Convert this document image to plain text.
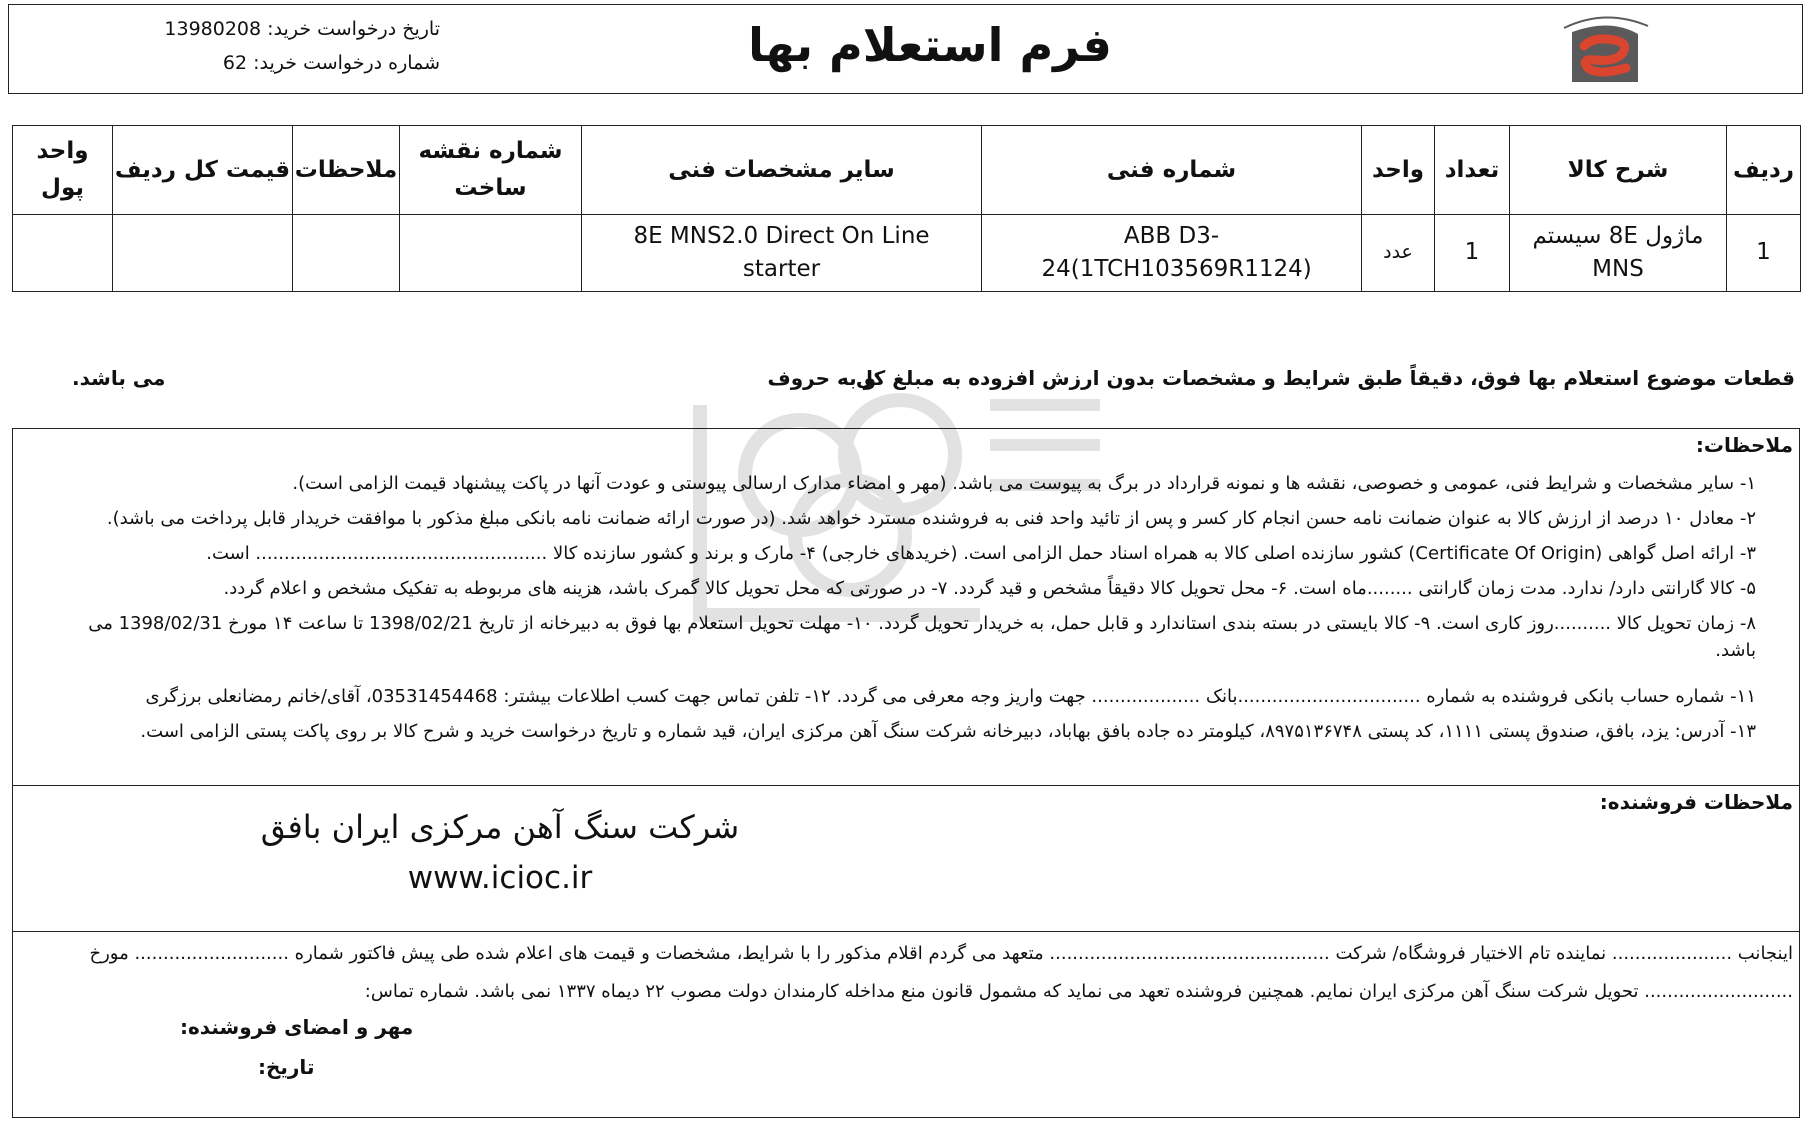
فرم استعلام بها
تاریخ درخواست خرید: 13980208
شماره درخواست خرید: 62
ردیف	شرح کالا	تعداد	واحد	شماره فنی	سایر مشخصات فنی	شماره نقشه ساخت	ملاحظات	قیمت کل ردیف	واحد پول
1	ماژول 8E سیستم MNS	1	عدد	ABB D3-24(1TCH103569R1124)	8E MNS2.0 Direct On Line starter				
قطعات موضوع استعلام بها فوق، دقیقاً طبق شرایط و مشخصات بدون ارزش افزوده به مبلغ کل
و به حروف
می باشد.
ملاحظات:
۱- سایر مشخصات و شرایط فنی، عمومی و خصوصی، نقشه ها و نمونه قرارداد در برگ به پیوست می باشد. (مهر و امضاء مدارک ارسالی پیوستی و عودت آنها در پاکت پیشنهاد قیمت الزامی است).
۲- معادل ۱۰ درصد از ارزش کالا به عنوان ضمانت نامه حسن انجام کار کسر و پس از تائید واحد فنی به فروشنده مسترد خواهد شد. (در صورت ارائه ضمانت نامه بانکی مبلغ مذکور با موافقت خریدار قابل پرداخت می باشد).
۳- ارائه اصل گواهی (Certificate Of Origin) کشور سازنده اصلی کالا به همراه اسناد حمل الزامی است. (خریدهای خارجی) ۴- مارک و برند و کشور سازنده کالا ................................................... است.
۵- کالا گارانتی دارد/ ندارد. مدت زمان گارانتی ........ماه است. ۶- محل تحویل کالا دقیقاً مشخص و قید گردد. ۷- در صورتی که محل تحویل کالا گمرک باشد، هزینه های مربوطه به تفکیک مشخص و اعلام گردد.
۸- زمان تحویل کالا ..........روز کاری است. ۹- کالا بایستی در بسته بندی استاندارد و قابل حمل، به خریدار تحویل گردد. ۱۰- مهلت تحویل استعلام بها فوق به دبیرخانه از تاریخ 1398/02/21 تا ساعت ۱۴ مورخ 1398/02/31 می باشد.
۱۱- شماره حساب بانکی فروشنده به شماره ................................بانک ................... جهت واریز وجه معرفی می گردد. ۱۲- تلفن تماس جهت کسب اطلاعات بیشتر: 03531454468، آقای/خانم رمضانعلی برزگری
۱۳- آدرس: یزد، بافق، صندوق پستی ۱۱۱۱، کد پستی ۸۹۷۵۱۳۶۷۴۸، کیلومتر ده جاده بافق بهاباد، دبیرخانه شرکت سنگ آهن مرکزی ایران، قید شماره و تاریخ درخواست خرید و شرح کالا بر روی پاکت پستی الزامی است.
ملاحظات فروشنده:
شرکت سنگ آهن مرکزی ایران بافق
www.icioc.ir
اینجانب ..................... نماینده تام الاختیار فروشگاه/ شرکت ................................................. متعهد می گردم اقلام مذکور را با شرایط، مشخصات و قیمت های اعلام شده طی پیش فاکتور شماره ........................... مورخ
.......................... تحویل شرکت سنگ آهن مرکزی ایران نمایم. همچنین فروشنده تعهد می نماید که مشمول قانون منع مداخله کارمندان دولت مصوب ۲۲ دیماه ۱۳۳۷ نمی باشد. شماره تماس:
مهر و امضای فروشنده:
تاریخ:
